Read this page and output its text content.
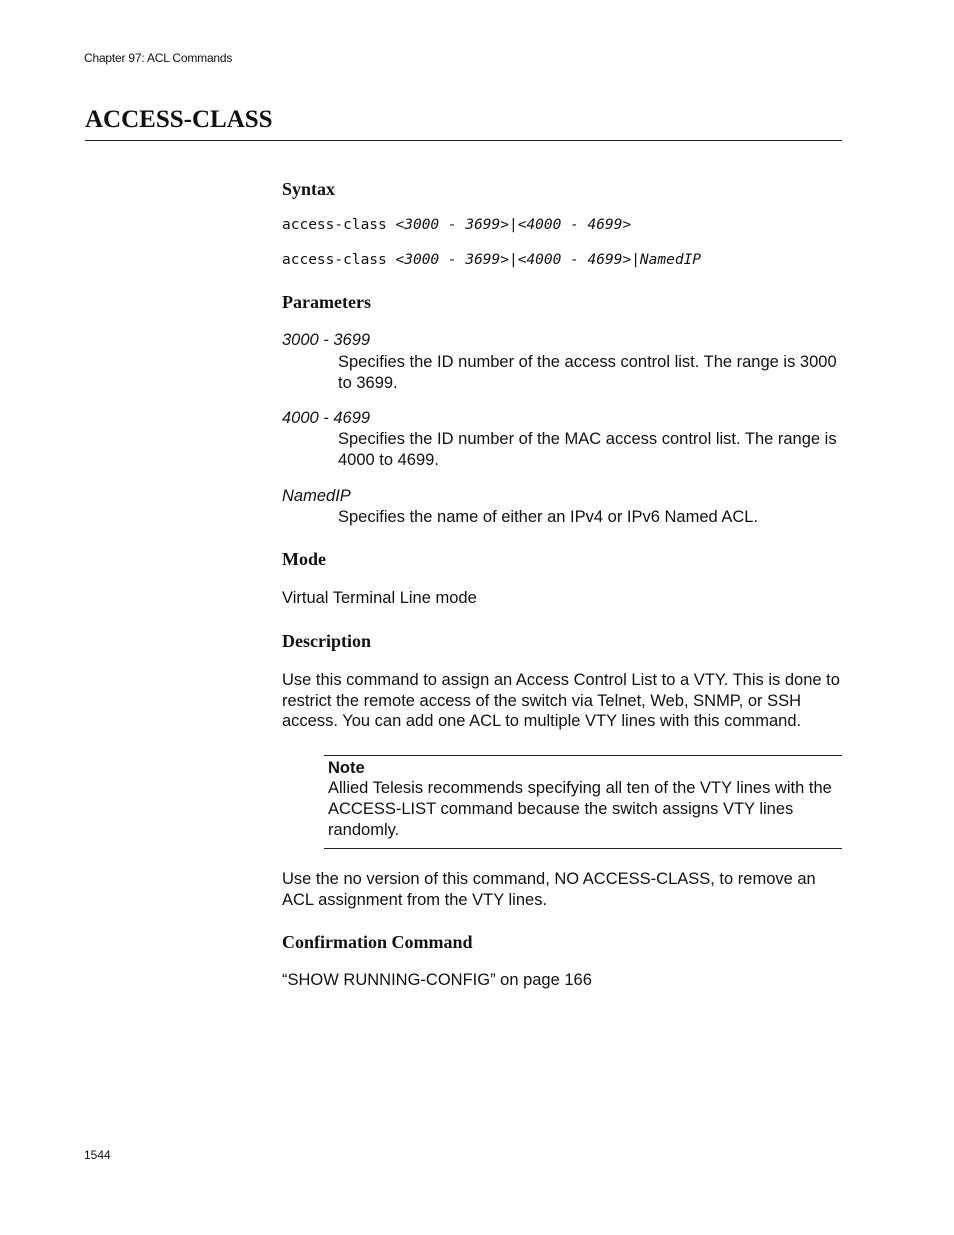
Chapter 97: ACL Commands
ACCESS-CLASS
Syntax
access-class <3000 - 3699>|<4000 - 4699>
access-class <3000 - 3699>|<4000 - 4699>|NamedIP
Parameters
3000 - 3699
Specifies the ID number of the access control list. The range is 3000 to 3699.
4000 - 4699
Specifies the ID number of the MAC access control list. The range is 4000 to 4699.
NamedIP
Specifies the name of either an IPv4 or IPv6 Named ACL.
Mode
Virtual Terminal Line mode
Description
Use this command to assign an Access Control List to a VTY. This is done to restrict the remote access of the switch via Telnet, Web, SNMP, or SSH access. You can add one ACL to multiple VTY lines with this command.
Note
Allied Telesis recommends specifying all ten of the VTY lines with the ACCESS-LIST command because the switch assigns VTY lines randomly.
Use the no version of this command, NO ACCESS-CLASS, to remove an ACL assignment from the VTY lines.
Confirmation Command
“SHOW RUNNING-CONFIG” on page 166
1544
